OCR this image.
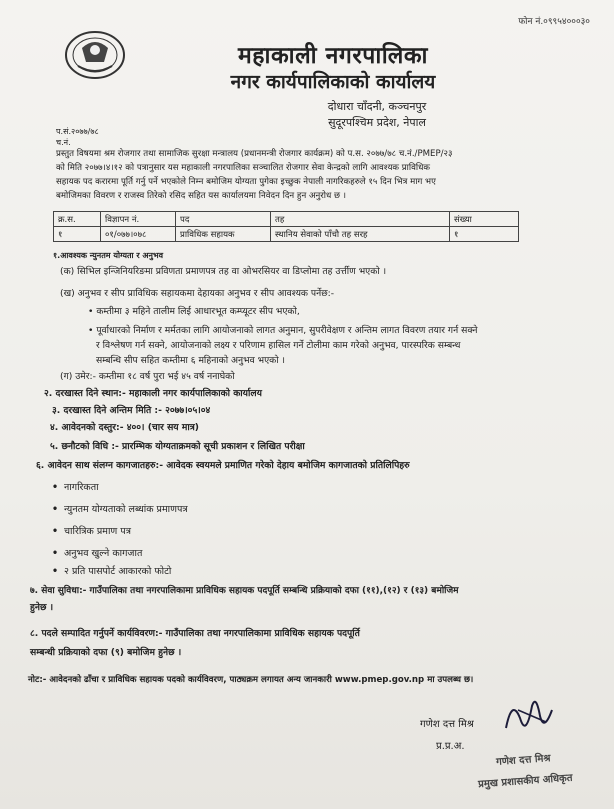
फोन नं.०९९५४०००३०
महाकाली नगरपालिका
नगर कार्यपालिकाको कार्यालय
दोधारा चाँदनी, कञ्चनपुर
सुदूरपश्चिम प्रदेश, नेपाल
प.सं.२०७७/७८
च.नं.
प्रस्तुत विषयमा श्रम रोजगार तथा सामाजिक सुरक्षा मन्त्रालय (प्रधानमन्त्री रोजगार कार्यक्रम) को प.स. २०७७/७८ च.नं./PMEP/२३
को मिति २०७७।४।१२ को पत्रानुसार यस महाकाली नगरपालिका सञ्चालित रोजगार सेवा केन्द्रको लागि आवश्यक प्राविधिक
सहायक पद करारमा पूर्ति गर्नु पर्ने भएकोले निम्न बमोजिम योग्यता पुगेका इच्छुक नेपाली नागरिकहरुले १५ दिन भित्र माग भए
बमोजिमका विवरण र राजस्व तिरेको रसिद सहित यस कार्यालयमा निवेदन दिन हुन अनुरोध छ ।
क्र.स.	विज्ञापन नं.	पद	तह	संख्या
१	०१/०७७।०७८	प्राविधिक सहायक	स्थानिय सेवाको पाँचौ तह सरह	१
१.आवश्यक न्युनतम योग्यता र अनुभव
(क) सिभिल इन्जिनियरिङमा प्रविणता प्रमाणपत्र तह वा ओभरसियर वा डिप्लोमा तह उर्त्तीण भएको ।
(ख) अनुभव र सीप प्राविधिक सहायकमा देहायका अनुभव र सीप आवश्यक पर्नेछ:-
• कम्तीमा ३ महिने तालीम लिई आधारभूत कम्प्यूटर सीप भएको,
• पूर्वाधारको निर्माण र मर्मतका लागि आयोजनाको लागत अनुमान, सुपरीवेक्षण र अन्तिम लागत विवरण तयार गर्न सक्ने
र विश्लेषण गर्न सक्ने, आयोजनाको लक्ष्य र परिणाम हासिल गर्ने टोलीमा काम गरेको अनुभव, पारस्परिक सम्बन्ध
सम्बन्धि सीप सहित कम्तीमा ६ महिनाको अनुभव भएको ।
(ग) उमेर:- कम्तीमा १८ वर्ष पुरा भई ४५ वर्ष ननाघेको
२. दरखास्त दिने स्थान:- महाकाली नगर कार्यपालिकाको कार्यालय
३. दरखास्त दिने अन्तिम मिति :- २०७७।०५।०४
४. आवेदनको दस्तुर:- ४००। (चार सय मात्र)
५. छनौटको विधि :- प्रारम्भिक योग्यताक्रमको सूची प्रकाशन र लिखित परीक्षा
६. आवेदन साथ संलग्न कागजातहरु:- आवेदक स्वयमले प्रमाणित गरेको देहाय बमोजिम कागजातको प्रतिलिपिहरु
• नागरिकता
• न्युनतम योग्यताको लब्धांक प्रमाणपत्र
• चारित्रिक प्रमाण पत्र
• अनुभव खुल्ने कागजात
• २ प्रति पासपोर्ट आकारको फोटो
७. सेवा सुविधा:- गाउँपालिका तथा नगरपालिकामा प्राविधिक सहायक पदपूर्ति सम्बन्धि प्रक्रियाको दफा (११),(१२) र (१३) बमोजिम
हुनेछ ।
८. पदले सम्पादित गर्नुपर्ने कार्यविवरण:- गाउँपालिका तथा नगरपालिकामा प्राविधिक सहायक पदपूर्ति
सम्बन्धी प्रक्रियाको दफा (९) बमोजिम हुनेछ ।
नोट:- आवेदनको ढाँचा र प्राविधिक सहायक पदको कार्यविवरण, पाठ्यक्रम लगायत अन्य जानकारी www.pmep.gov.np मा उपलब्ध छ।
गणेश दत्त मिश्र
प्र.प्र.अ.
गणेश दत्त मिश्र
प्रमुख प्रशासकीय अधिकृत
